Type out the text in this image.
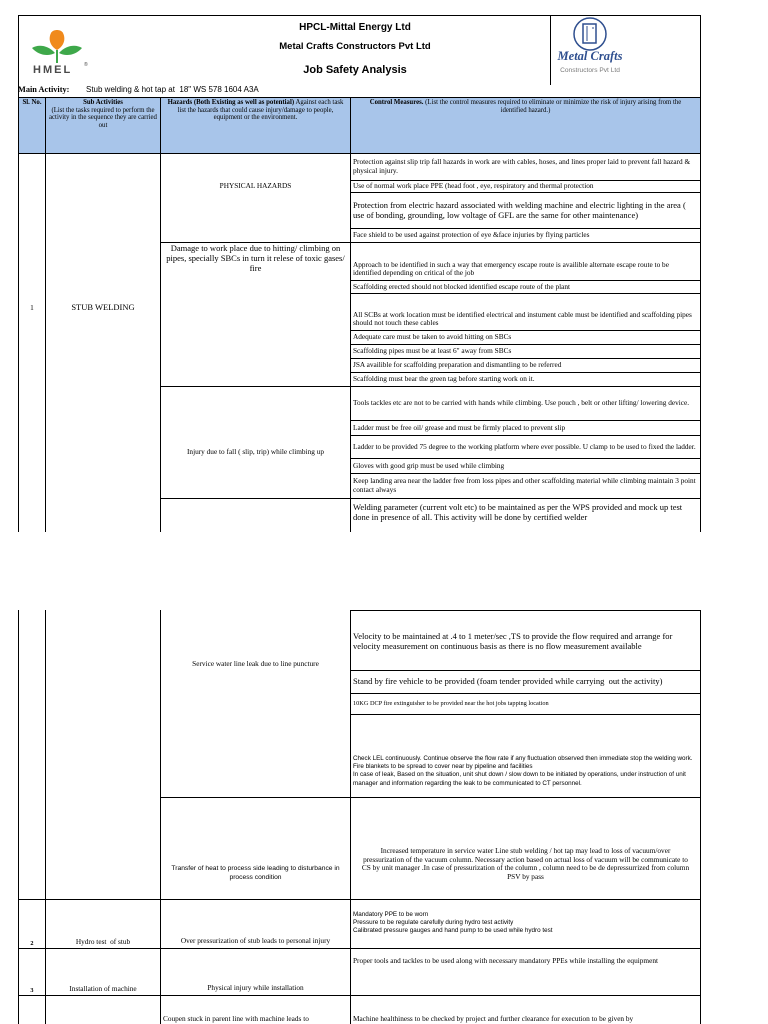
HMEL ®
HPCL-Mittal Energy Ltd
Metal Crafts Constructors Pvt Ltd
Job Safety Analysis
Metal Crafts
Constructors Pvt Ltd
Main Activity: Stub welding & hot tap at  18" WS 578 1604 A3A
Sl. No.	Sub Activities
(List the tasks required to perform the activity in the sequence they are carried out
Hazards (Both Existing as well as potential) Against each task list the hazards that could cause injury/damage to people, equipment or the environment.
Control Measures. (List the control measures required to eliminate or minimize the risk of injury arising from the identified hazard.)
1	STUB WELDING
PHYSICAL HAZARDS
Damage to work place due to hitting/ climbing on pipes, specially SBCs in turn it relese of toxic gases/ fire
Injury due to fall ( slip, trip) while climbing up
Protection against slip trip fall hazards in work are with cables, hoses, and lines proper laid to prevent fall hazard & physical injury.
Use of normal work place PPE (head foot , eye, respiratory and thermal protection
Protection from electric hazard associated with welding machine and electric lighting in the area ( use of bonding, grounding, low voltage of GFL are the same for other maintenance)
Face shield to be used against protection of eye &face injuries by flying particles
Approach to be identified in such a way that emergency escape route is availible alternate escape route to be identified depending on critical of the job
Scaffolding erected should not blocked identified escape route of the plant
All SCBs at work location must be identified electrical and instument cable must be identified and scaffolding pipes should not touch these cables
Adequate care must be taken to avoid hitting on SBCs
Scaffolding pipes must be at least 6" away from SBCs
JSA availible for scaffolding preparation and dismantling to be referred
Scaffolding must bear the green tag before starting work on it.
Tools tackles etc are not to be carried with hands while climbing. Use pouch , belt or other lifting/ lowering device.
Ladder must be free oil/ grease and must be firmly placed to prevent slip
Ladder to be provided 75 degree to the working platform where ever possible. U clamp to be used to fixed the ladder.
Gloves with good grip must be used while climbing
Keep landing area near the ladder free from loss pipes and other scaffolding material while climbing maintain 3 point contact always
Welding parameter (current volt etc) to be maintained as per the WPS provided and mock up test done in presence of all. This activity will be done by certified welder
2
3
Hydro test  of stub
Installation of machine
Service water line leak due to line puncture
Transfer of heat to process side leading to disturbance in process condition
Over pressurization of stub leads to personal injury
Physical injury while installation
Coupen stuck in parent line with machine leads to
Velocity to be maintained at .4 to 1 meter/sec ,TS to provide the flow required and arrange for velocity measurement on continuous basis as there is no flow measurement available
Stand by fire vehicle to be provided (foam tender provided while carrying  out the activity)
10KG DCP fire extinguisher to be provided near the hot jobs tapping location
Check LEL continuously. Continue observe the flow rate if any fluctuation observed then immediate stop the welding work.
Fire blankets to be spread to cover near by pipeline and facilities
In case of leak, Based on the situation, unit shut down / slow down to be initiated by operations, under instruction of unit manager and information regarding the leak to be communicated to CT personnel.
Increased temperature in service water Line stub welding / hot tap may lead to loss of vacuum/over pressurization of the vacuum column. Necessary action based on actual loss of vacuum will be communicate to CS by unit manager .In case of pressurization of the column , column need to be de depressurrized from column PSV by pass
Mandatory PPE to be worn
Pressure to be regulate carefully during hydro test activity
Calibrated pressure gauges and hand pump to be used while hydro test
Proper tools and tackles to be used along with necessary mandatory PPEs while installing the equipment
Machine healthiness to be checked by project and further clearance for execution to be given by
